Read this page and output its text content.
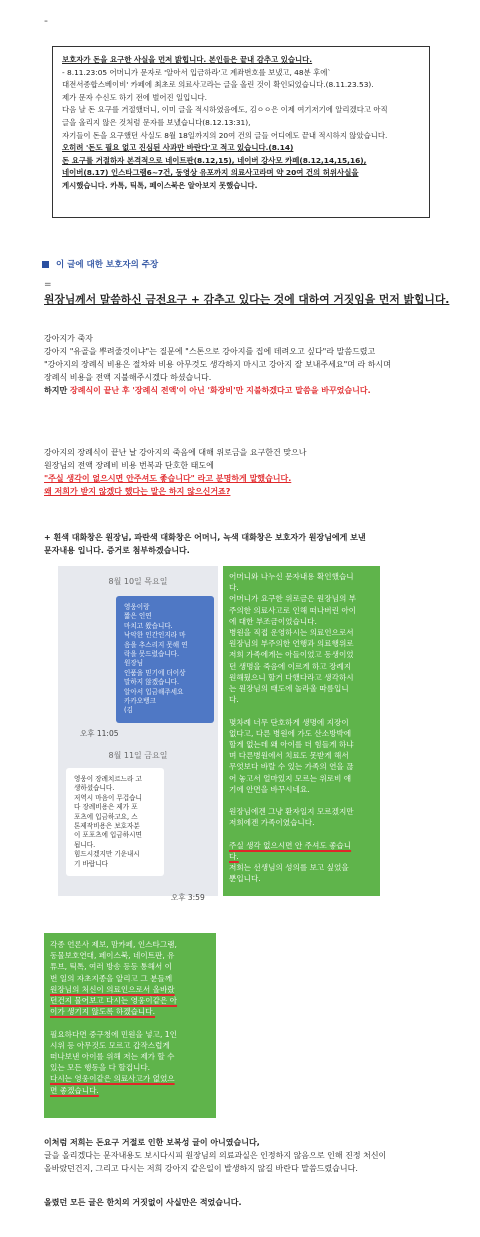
-

보호자가 돈을 요구한 사실을 먼저 밝힙니다. 본인들은 끝내 감추고 있습니다.

- 8.11.23:05 어머니가 문자로 '알아서 입금하라'고 계좌번호를 보냈고, 48분 후에`

대전서종합스베이비' 카페에 최초로 의료사고라는 글을 올린 것이 확인되었습니다.(8.11.23.53).

제가 문자 수신도 하기 전에 벌어진 일입니다.

다음 날 돈 요구를 거절했더니, 이미 글을 적시하였음에도, 김ㅇㅇ은 이제 여기저기에 알리겠다고 아직

글을 올리지 않은 것처럼 문자를 보냈습니다(8.12.13:31),

자기들이 돈을 요구했던 사실도 8월 18일까지의 20여 건의 글들 어디에도 끝내 적시하지 않았습니다.

오히려 '돈도 필요 없고 진심된 사과만 바란다'고 적고 있습니다.(8.14)

돈 요구를 거절하자 본격적으로 네이트판(8.12,15), 네이버 강사모 카페(8.12,14,15,16),

네이버(8.17) 인스타그램6~7건, 동영상 유포까지 의료사고라며 약 20여 건의 허위사실을

게시했습니다. 카톡, 틱톡, 페이스북은 알아보지 못했습니다.

이 글에 대한 보호자의 주장
=
원장님께서 말씀하신 금전요구 + 감추고 있다는 것에 대하여 거짓임을 먼저 밝힙니다.

강아지가 죽자

강아지 "유골을 뿌려줄것이냐"는 질문에 "스톤으로 강아지를 집에 데려오고 싶다"라 말씀드렸고

"강아지의 장례식 비용은 절차와 비용 아무것도 생각하지 마시고 강아지 잘 보내주세요"며 라 하시며

장례식 비용을 전액 지불해주시겠다 하셨습니다.

하지만 장례식이 끝난 후 '장례식 전액'이 아닌 '화장비'만 지불하겠다고 말씀을 바꾸었습니다.

강아지의 장례식이 끝난 날 강아지의 죽음에 대해 위로금을 요구한건 맞으나

원장님의 전액 장례비 비용 번복과 단호한 태도에

"주실 생각이 없으시면 안주셔도 좋습니다" 라고 분명하게 말했습니다.

왜 저희가 받지 않겠다 했다는 말은 하지 않으신거죠?

+ 흰색 대화창은 원장님, 파란색 대화창은 어머니, 녹색 대화창은 보호자가 원장님에게 보낸

문자내용 입니다. 증거로 첨부하겠습니다.

8월 10일 목요일

영웅이랑

짧은 인연

마치고 왔습니다.

낙악한 인간인지라 마

음을 추스리지 못해 연

락을 못드렸습니다.

원장님

인품을 믿기에 더이상

말하지 않겠습니다.

알아서 입금해주세요

카카오뱅크

(김

오후 11:05
8월 11일 금요일

영웅이 장례치르느라 고

생하셨습니다.

저역시 마음이 무겁습니

다 장례비용은 제가 포

포츠에 입금하고요, 스

톤제작비용은 보호자분

이 포포츠에 입금하시면

됩니다.

힘드시겠지만 기운내시

기 바랍니다

오후 3:59

어머니와 나누신 문자내용 확인했습니

다.

어머니가 요구한 위로금은 원장님의 부

주의한 의료사고로 인해 떠나버린 아이

에 대한 부조금이었습니다.

병원을 직접 운영하시는 의료인으로서

원장님의 부주의한 언행과 의료행위로

저희 가족에게는 아들이었고 동생이었

던 생명을 죽음에 이르게 하고 장례지

원해뒀으니 할거 다했다라고 생각하시

는 원장님의 태도에 놀라울 따름입니

다.

몇차례 너무 단호하게 생명에 지장이

없다고, 다른 병원에 가도 산소방박에

할게 없는데 왜 아이를 더 힘들게 하냐

며 다른병원에서 치료도 못받게 해서

무엇보다 바랄 수 있는 가족의 연을 끊

어 놓고서 얼마있지 모르는 위로비 얘

기에 안면을 바꾸시네요.

원장님에겐 그냥 환자일지 모르겠지만

저희에겐 가족이였습니다.

주실 생각 없으시면 안 주셔도 좋습니

다.

저희는 선생님의 성의를 보고 싶었을

뿐입니다.

각종 언론사 제보, 맘카페, 인스타그램,

동물보호연대, 페이스북, 네이트판, 유

튜브, 틱톡, 여러 방송 등등 통해서 이

번 일의 자초지종을 알리고 그 분들께

원장님의 처신이 의료인으로서 올바랐

던건지 물어보고 다시는 영웅이같은 아

이가 생기지 않도록 하겠습니다.

필요하다면 중구청에 민원을 넣고, 1인

시위 등 아무것도 모르고 갑작스럽게

떠나보낸 아이를 위해 저는 제가 할 수

있는 모든 행동을 다 할겁니다.

다시는 영웅이같은 의료사고가 없었으

면 좋겠습니다.

이처럼 저희는 돈요구 거절로 인한 보복성 글이 아니였습니다,

글을 올리겠다는 문자내용도 보시다시피 원장님의 의료과실은 인정하지 않음으로 인해 진정 처신이

올바랐던건지, 그리고 다시는 저희 강아지 같은일이 발생하지 않길 바란다 말씀드렸습니다.

올렸던 모든 글은 한치의 거짓없이 사실만은 적었습니다.
